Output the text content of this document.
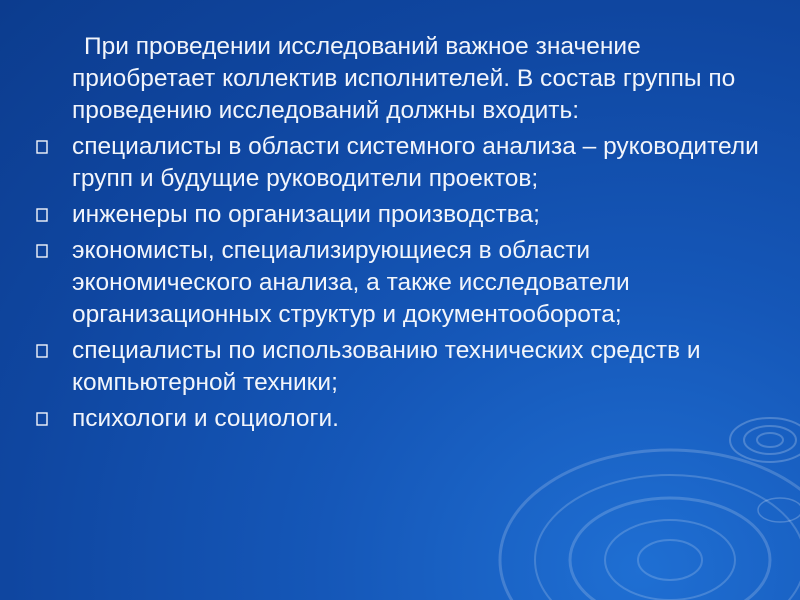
При проведении исследований важное значение приобретает коллектив исполнителей. В состав группы по проведению исследований должны входить:

специалисты в области системного анализа – руководители групп и будущие руководители проектов;
инженеры по организации производства;
экономисты, специализирующиеся в области экономического анализа, а также исследователи организационных структур и документооборота;
специалисты по использованию технических средств и компьютерной техники;
психологи и социологи.
